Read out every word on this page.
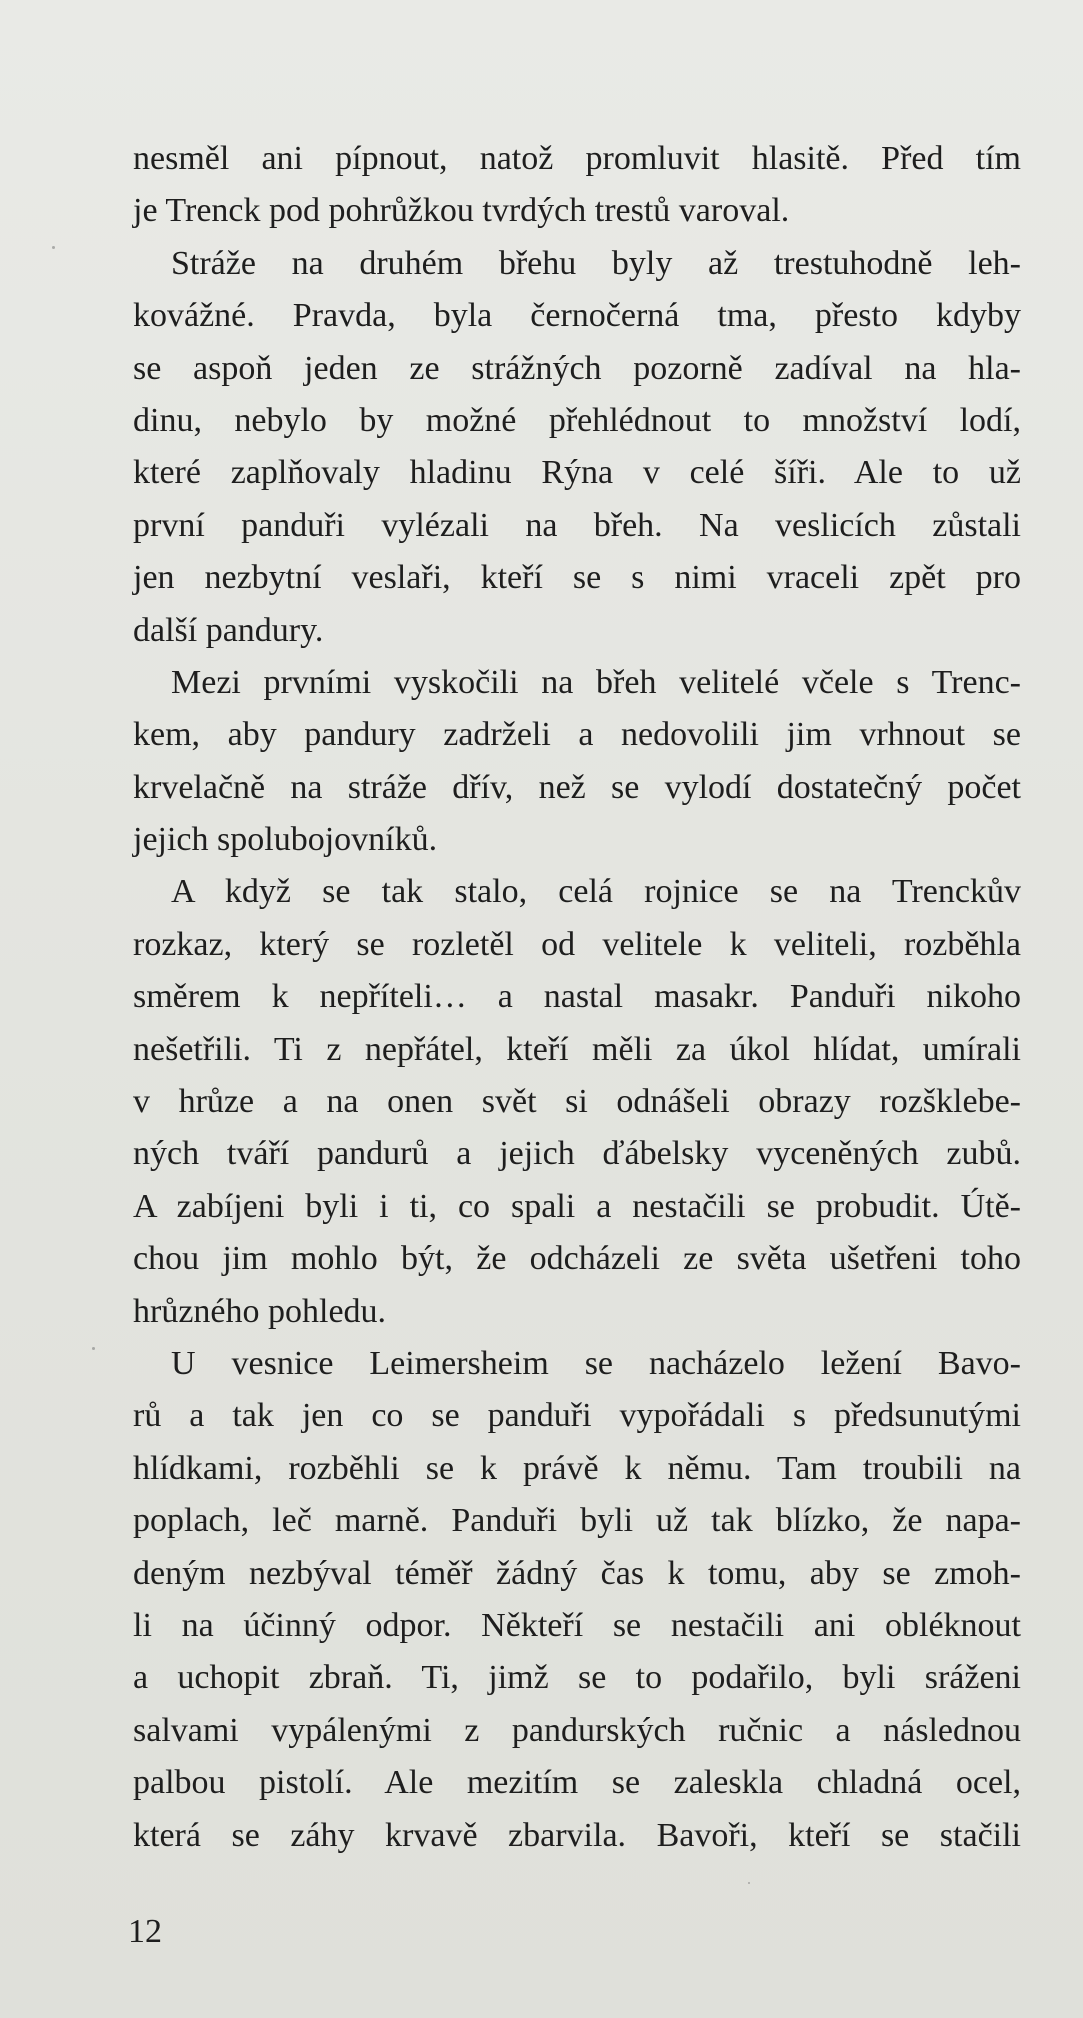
nesměl ani pípnout, natož promluvit hlasitě. Před tím
je Trenck pod pohrůžkou tvrdých trestů varoval.
Stráže na druhém břehu byly až trestuhodně leh-
kovážné. Pravda, byla černočerná tma, přesto kdyby
se aspoň jeden ze strážných pozorně zadíval na hla-
dinu, nebylo by možné přehlédnout to množství lodí,
které zaplňovaly hladinu Rýna v celé šíři. Ale to už
první panduři vylézali na břeh. Na veslicích zůstali
jen nezbytní veslaři, kteří se s nimi vraceli zpět pro
další pandury.
Mezi prvními vyskočili na břeh velitelé včele s Trenc-
kem, aby pandury zadrželi a nedovolili jim vrhnout se
krvelačně na stráže dřív, než se vylodí dostatečný počet
jejich spolubojovníků.
A když se tak stalo, celá rojnice se na Trenckův
rozkaz, který se rozletěl od velitele k veliteli, rozběhla
směrem k nepříteli… a nastal masakr. Panduři nikoho
nešetřili. Ti z nepřátel, kteří měli za úkol hlídat, umírali
v hrůze a na onen svět si odnášeli obrazy rozšklebe-
ných tváří pandurů a jejich ďábelsky vyceněných zubů.
A zabíjeni byli i ti, co spali a nestačili se probudit. Útě-
chou jim mohlo být, že odcházeli ze světa ušetřeni toho
hrůzného pohledu.
U vesnice Leimersheim se nacházelo ležení Bavo-
rů a tak jen co se panduři vypořádali s předsunutými
hlídkami, rozběhli se k právě k němu. Tam troubili na
poplach, leč marně. Panduři byli už tak blízko, že napa-
deným nezbýval téměř žádný čas k tomu, aby se zmoh-
li na účinný odpor. Někteří se nestačili ani obléknout
a uchopit zbraň. Ti, jimž se to podařilo, byli sráženi
salvami vypálenými z pandurských ručnic a následnou
palbou pistolí. Ale mezitím se zaleskla chladná ocel,
která se záhy krvavě zbarvila. Bavoři, kteří se stačili
12
